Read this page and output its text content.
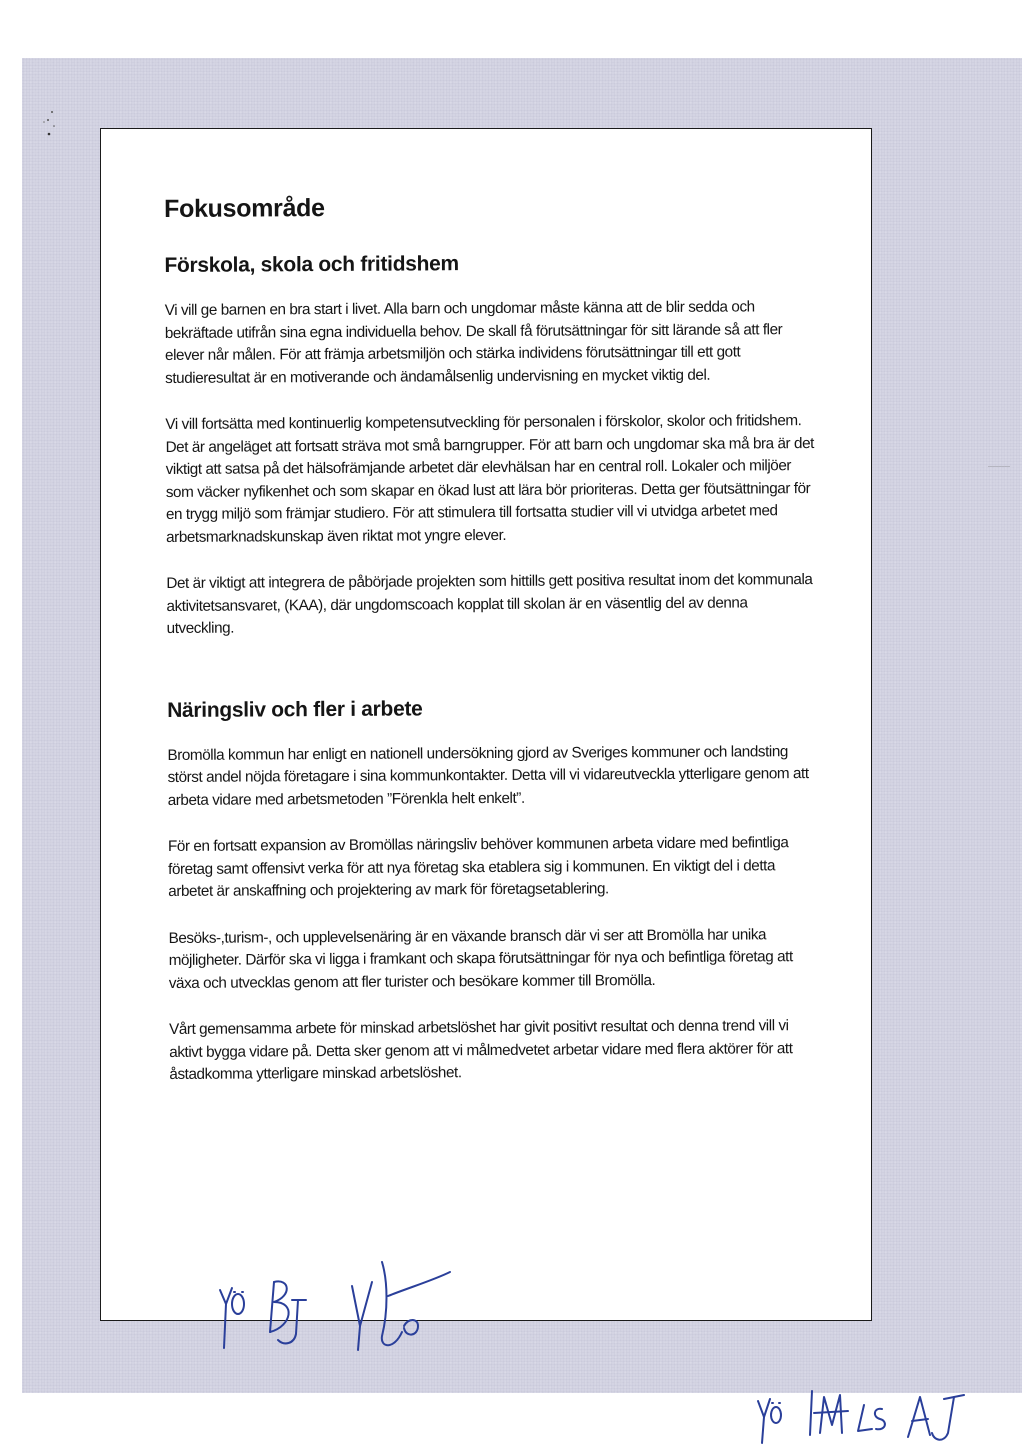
Fokusområde
Förskola, skola och fritidshem

Vi vill ge barnen en bra start i livet. Alla barn och ungdomar måste känna att de blir sedda och bekräftade utifrån sina egna individuella behov. De skall få förutsättningar för sitt lärande så att fler elever når målen. För att främja arbetsmiljön och stärka individens förutsättningar till ett gott studieresultat är en motiverande och ändamålsenlig undervisning en mycket viktig del.

Vi vill fortsätta med kontinuerlig kompetensutveckling för personalen i förskolor, skolor och fritidshem. Det är angeläget att fortsatt sträva mot små barngrupper. För att barn och ungdomar ska må bra är det viktigt att satsa på det hälsofrämjande arbetet där elevhälsan har en central roll. Lokaler och miljöer som väcker nyfikenhet och som skapar en ökad lust att lära bör prioriteras. Detta ger föutsättningar för en trygg miljö som främjar studiero. För att stimulera till fortsatta studier vill vi utvidga arbetet med arbetsmarknadskunskap även riktat mot yngre elever.

Det är viktigt att integrera de påbörjade projekten som hittills gett positiva resultat inom det kommunala aktivitetsansvaret, (KAA), där ungdomscoach kopplat till skolan är en väsentlig del av denna utveckling.

Näringsliv och fler i arbete

Bromölla kommun har enligt en nationell undersökning gjord av Sveriges kommuner och landsting störst andel nöjda företagare i sina kommunkontakter. Detta vill vi vidareutveckla ytterligare genom att arbeta vidare med arbetsmetoden ”Förenkla helt enkelt”.

För en fortsatt expansion av Bromöllas näringsliv behöver kommunen arbeta vidare med befintliga företag samt offensivt verka för att nya företag ska etablera sig i kommunen. En viktigt del i detta arbetet är anskaffning och projektering av mark för företagsetablering.

Besöks-,turism-, och upplevelsenäring är en växande bransch där vi ser att Bromölla har unika möjligheter. Därför ska vi ligga i framkant och skapa förutsättningar för nya och befintliga företag att växa och utvecklas genom att fler turister och besökare kommer till Bromölla.

Vårt gemensamma arbete för minskad arbetslöshet har givit positivt resultat och denna trend vill vi aktivt bygga vidare på. Detta sker genom att vi målmedvetet arbetar vidare med flera aktörer för att åstadkomma ytterligare minskad arbetslöshet.
